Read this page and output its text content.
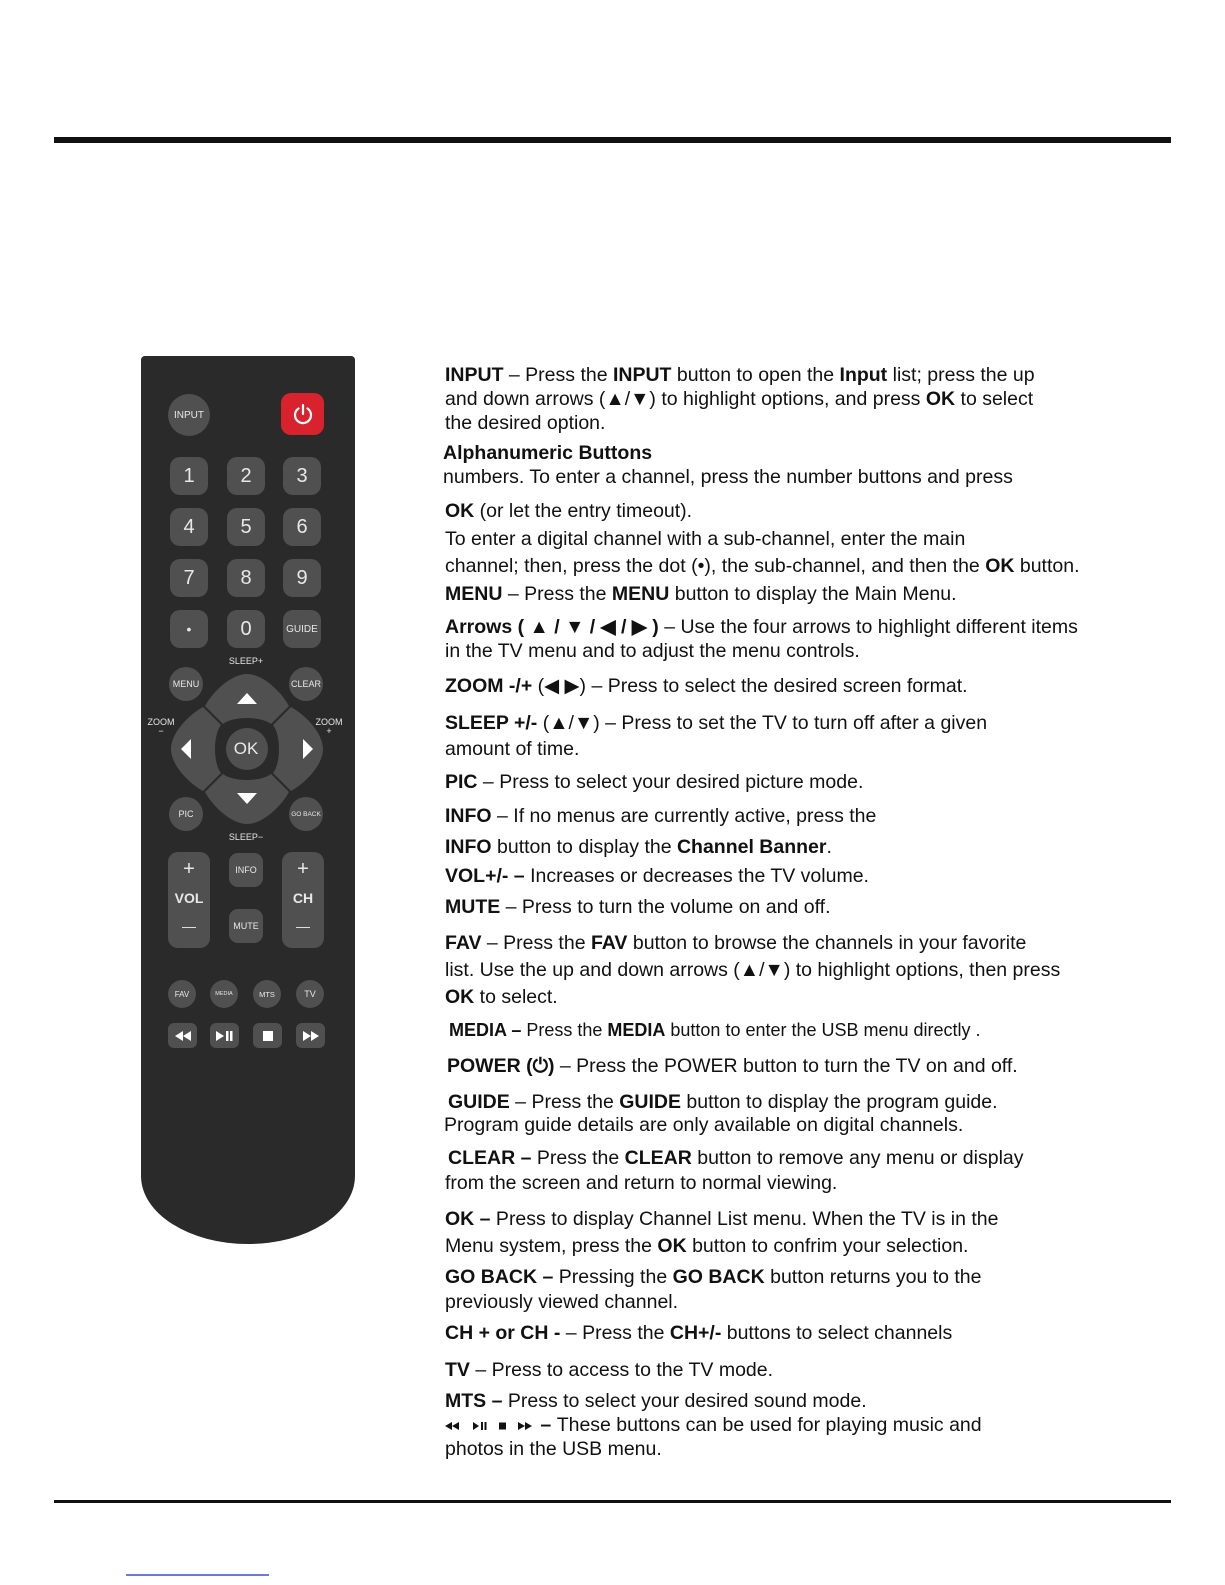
INPUT
1	2	3
4	5	6
7	8	9
•	0	GUIDE
MENU	CLEAR
SLEEP+
ZOOM
−
ZOOM
+
OK
PIC	GO BACK
SLEEP−
+
VOL
—
+
CH
—
INFO
MUTE
FAV	MEDIA	MTS	TV
INPUT – Press the INPUT button to open the Input list; press the up
and down arrows (▲/▼) to highlight options, and press OK to select
the desired option.
Alphanumeric Buttons
numbers. To enter a channel, press the number buttons and press
OK (or let the entry timeout).
To enter a digital channel with a sub-channel, enter the main
channel; then, press the dot (•), the sub-channel, and then the OK button.
MENU – Press the MENU button to display the Main Menu.
Arrows ( ▲ / ▼ / ◀ / ▶ ) – Use the four arrows to highlight different items
in the TV menu and to adjust the menu controls.
ZOOM -/+ (◀ ▶) – Press to select the desired screen format.
SLEEP +/- (▲/▼) – Press to set the TV to turn off after a given
amount of time.
PIC – Press to select your desired picture mode.
INFO – If no menus are currently active, press the
INFO button to display the Channel Banner.
VOL+/- – Increases or decreases the TV volume.
MUTE – Press to turn the volume on and off.
FAV – Press the FAV button to browse the channels in your favorite
list. Use the up and down arrows (▲/▼) to highlight options, then press
OK to select.
MEDIA – Press the MEDIA button to enter the USB menu directly .
POWER (⏻) – Press the POWER button to turn the TV on and off.
GUIDE – Press the GUIDE button to display the program guide.
Program guide details are only available on digital channels.
CLEAR – Press the CLEAR button to remove any menu or display
from the screen and return to normal viewing.
OK – Press to display Channel List menu. When the TV is in the
Menu system, press the OK button to confrim your selection.
GO BACK – Pressing the GO BACK button returns you to the
previously viewed channel.
CH + or CH - – Press the CH+/- buttons to select channels
TV – Press to access to the TV mode.
MTS – Press to select your desired sound mode.
– These buttons can be used for playing music and
photos in the USB menu.
